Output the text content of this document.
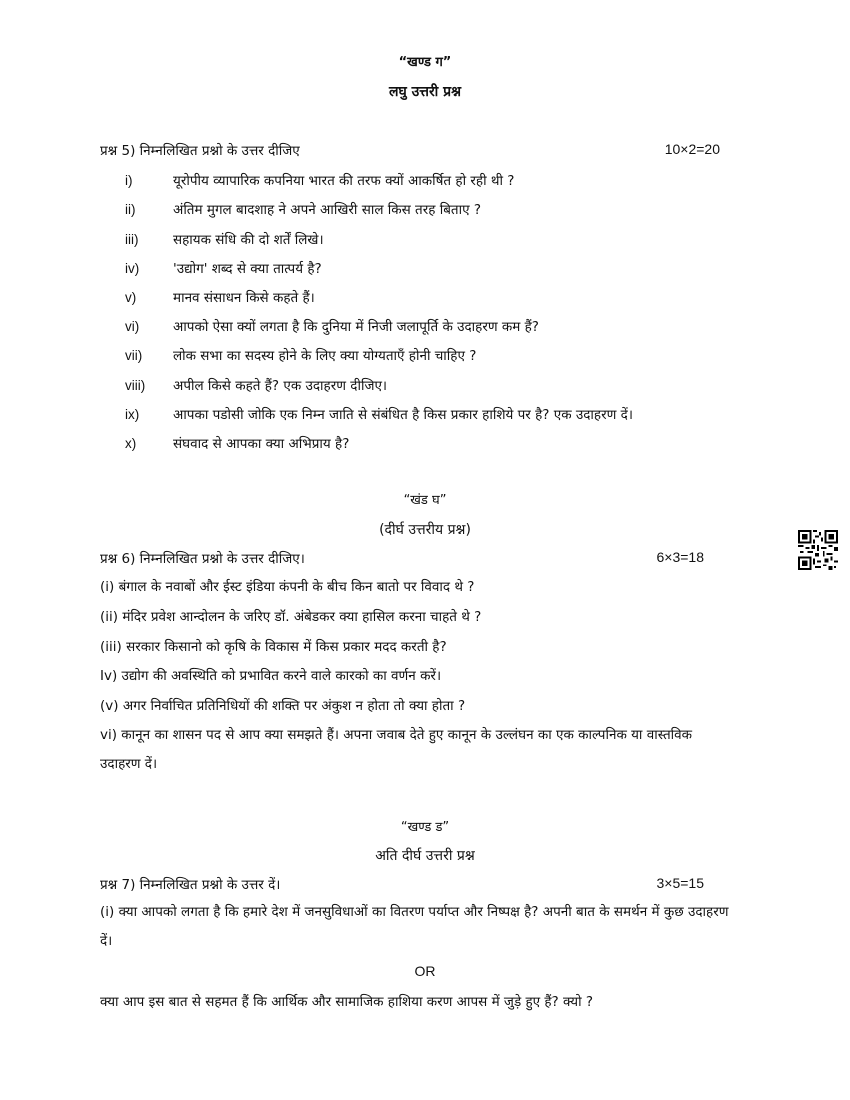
“खण्ड ग”
लघु उत्तरी प्रश्न
प्रश्न 5) निम्नलिखित प्रश्नो के उत्तर दीजिए	10×2=20
i)	यूरोपीय व्यापारिक कपनिया भारत की तरफ क्यों आकर्षित हो रही थी ?
ii)	अंतिम मुगल बादशाह ने अपने आखिरी साल किस तरह बिताए ?
iii)	सहायक संधि की दो शर्तें लिखे।
iv)	'उद्योग' शब्द से क्या तात्पर्य है?
v)	मानव संसाधन किसे कहते हैं।
vi)	आपको ऐसा क्यों लगता है कि दुनिया में निजी जलापूर्ति के उदाहरण कम हैं?
vii) लोक सभा का सदस्य होने के लिए क्या योग्यताएँ होनी चाहिए ?
viii) अपील किसे कहते हैं? एक उदाहरण दीजिए।
ix)	आपका पडोसी जोकि एक निम्न जाति से संबंधित है किस प्रकार हाशिये पर है? एक उदाहरण दें।
x)	संघवाद से आपका क्या अभिप्राय है?
“खंड घ”
(दीर्घ उत्तरीय प्रश्न)
प्रश्न 6) निम्नलिखित प्रश्नो के उत्तर दीजिए।	6×3=18
(i) बंगाल के नवाबों और ईस्ट इंडिया कंपनी के बीच किन बातो पर विवाद थे ?
(ii) मंदिर प्रवेश आन्दोलन के जरिए डॉ. अंबेडकर क्या हासिल करना चाहते थे ?
(iii) सरकार किसानो को कृषि के विकास में किस प्रकार मदद करती है?
Iv) उद्योग की अवस्थिति को प्रभावित करने वाले कारको का वर्णन करें।
(v) अगर निर्वाचित प्रतिनिधियों की शक्ति पर अंकुश न होता तो क्या होता ?
vi) कानून का शासन पद से आप क्या समझते हैं। अपना जवाब देते हुए कानून के उल्लंघन का एक काल्पनिक या वास्तविक उदाहरण दें।
“खण्ड ड”
अति दीर्घ उत्तरी प्रश्न
प्रश्न 7) निम्नलिखित प्रश्नो के उत्तर दें।	3×5=15
(i) क्या आपको लगता है कि हमारे देश में जनसुविधाओं का वितरण पर्याप्त और निष्पक्ष है? अपनी बात के समर्थन में कुछ उदाहरण दें।
OR
क्या आप इस बात से सहमत हैं कि आर्थिक और सामाजिक हाशिया करण आपस में जुड़े हुए हैं? क्यो ?
